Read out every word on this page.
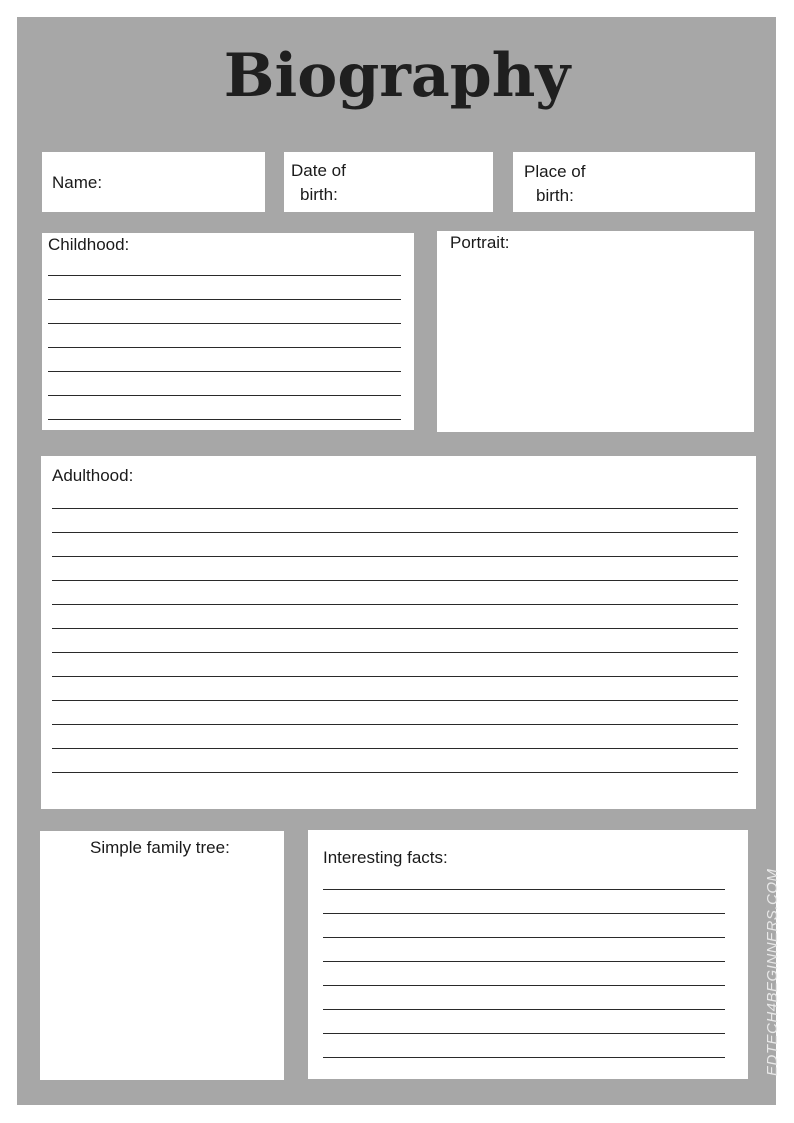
Biography
Name:
Date of
birth:
Place of
birth:
Childhood:	Portrait:
Adulthood:
Simple family tree:
Interesting facts:
EDTECH4BEGINNERS.COM
